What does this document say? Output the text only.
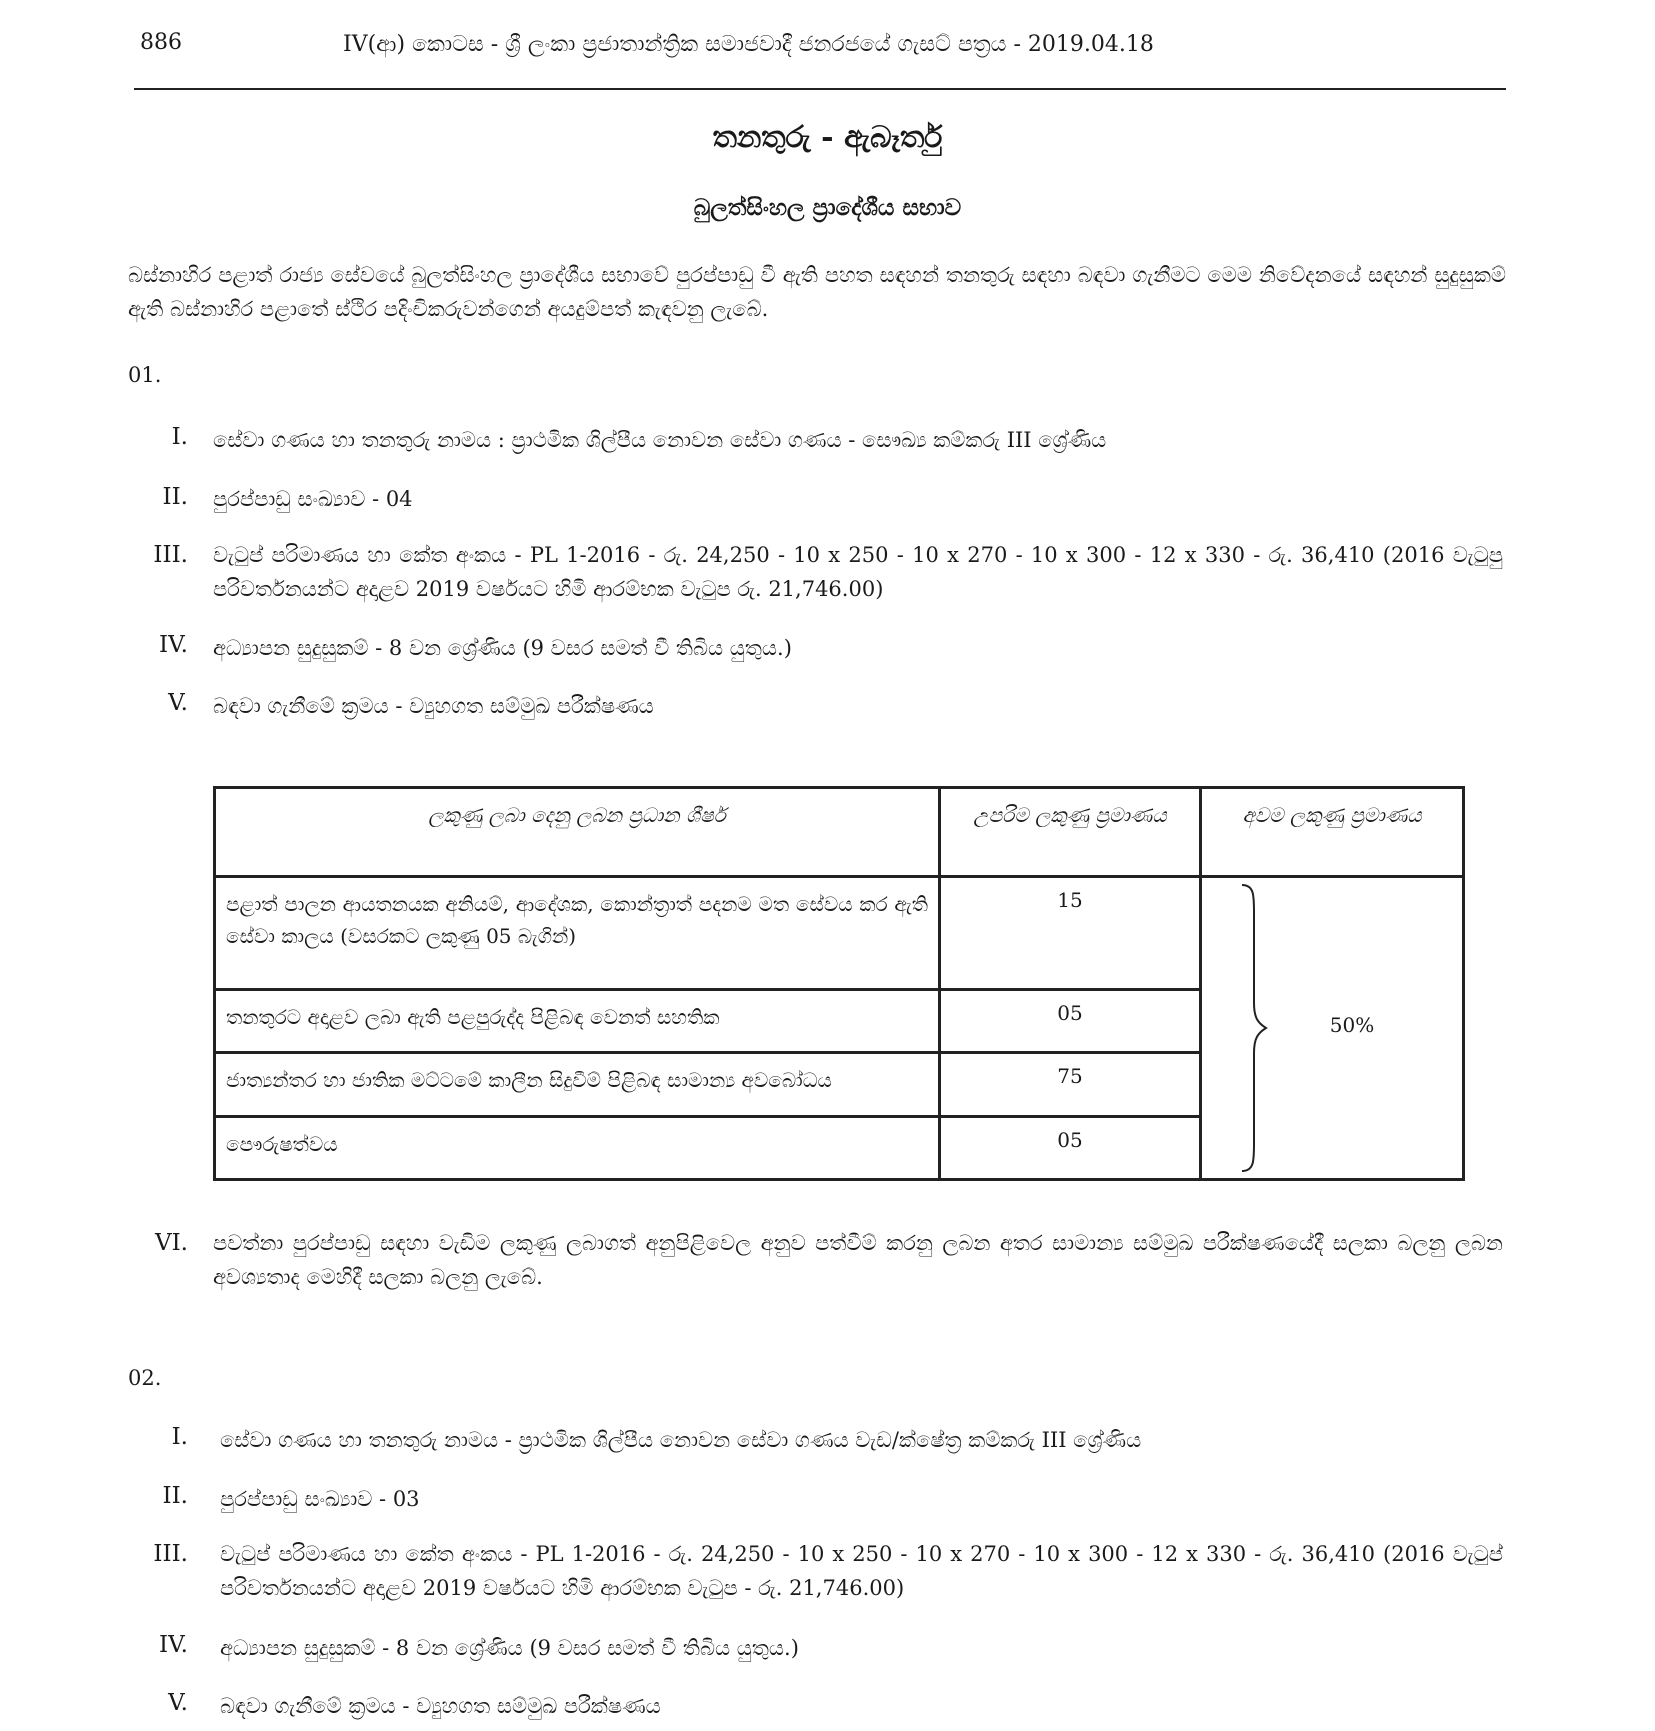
886	IV(ආ) කොටස - ශ්‍රී ලංකා ප්‍රජාතාන්ත්‍රික සමාජවාදී ජනරජයේ ගැසට් පත්‍රය - 2019.04.18
තනතුරු - ඇබෑර්තු
බුලත්සිංහල ප්‍රාදේශීය සභාව

බස්නාහිර පළාත් රාජ්‍ය සේවයේ බුලත්සිංහල ප්‍රාදේශීය සභාවේ පුරප්පාඩු වී ඇති පහත සඳහන් තනතුරු සඳහා බඳවා ගැනීමට මෙම නිවේදනයේ සඳහන් සුදුසුකම් ඇති බස්නාහිර පළාතේ ස්ථිර පදිංචිකරුවන්ගෙන් අයදුම්පත් කැඳවනු ලැබේ.

01.
I. සේවා ගණය හා තනතුරු නාමය : ප්‍රාථමික ශිල්පීය නොවන සේවා ගණය - සෞඛ්‍ය කම්කරු III ශ්‍රේණිය
II. පුරප්පාඩු සංඛ්‍යාව - 04
III. වැටුප් පරිමාණය හා කේත අංකය - PL 1-2016 - රු. 24,250 - 10 x 250 - 10 x 270 - 10 x 300 - 12 x 330 - රු. 36,410 (2016 වැටුපු පරිවර්තනයන්ට අදාළව 2019 වර්ෂයට හිමි ආරම්භක වැටුප රු. 21,746.00)

IV. අධ්‍යාපන සුදුසුකම් - 8 වන ශ්‍රේණිය (9 වසර සමත් වී තිබිය යුතුය.)
V. බඳවා ගැනීමේ ක්‍රමය - ව්‍යුහගත සම්මුඛ පරීක්ෂණය
ලකුණු ලබා දෙනු ලබන ප්‍රධාන ශීර්ෂ	උපරිම ලකුණු ප්‍රමාණය	අවම ලකුණු ප්‍රමාණය
පළාත් පාලන ආයතනයක අනියම්, ආදේශක, කොන්ත්‍රාත් පදනම මත සේවය කර ඇති සේවා කාලය (වසරකට ලකුණු 05 බැගින්)	15	50%

තනතුරට අදාළව ලබා ඇති පළපුරුද්ද පිළිබඳ වෙනත් සහතික	05	
ජාත්‍යන්තර හා ජාතික මට්ටමේ කාලීන සිදුවීම් පිළිබඳ සාමාන්‍ය අවබෝධය	75	
පෞරුෂත්වය	05	
VI. පවත්නා පුරප්පාඩු සඳහා වැඩිම ලකුණු ලබාගත් අනුපිළිවෙල අනුව පත්වීම් කරනු ලබන අතර සාමාන්‍ය සම්මුඛ පරීක්ෂණයේදී සලකා බලනු ලබන අවශ්‍යතාද මෙහිදී සලකා බලනු ලැබේ.

02.
I. සේවා ගණය හා තනතුරු නාමය - ප්‍රාථමික ශිල්පීය නොවන සේවා ගණය වැඩ/ක්ෂේත්‍ර කම්කරු III ශ්‍රේණිය
II. පුරප්පාඩු සංඛ්‍යාව - 03
III. වැටුප් පරිමාණය හා කේත අංකය - PL 1-2016 - රු. 24,250 - 10 x 250 - 10 x 270 - 10 x 300 - 12 x 330 - රු. 36,410 (2016 වැටුප් පරිවර්තනයන්ට අදාළව 2019 වර්ෂයට හිමි ආරම්භක වැටුප - රු. 21,746.00)

IV. අධ්‍යාපන සුදුසුකම් - 8 වන ශ්‍රේණිය (9 වසර සමත් වී තිබිය යුතුය.)
V. බඳවා ගැනීමේ ක්‍රමය - ව්‍යුහගත සම්මුඛ පරීක්ෂණය
